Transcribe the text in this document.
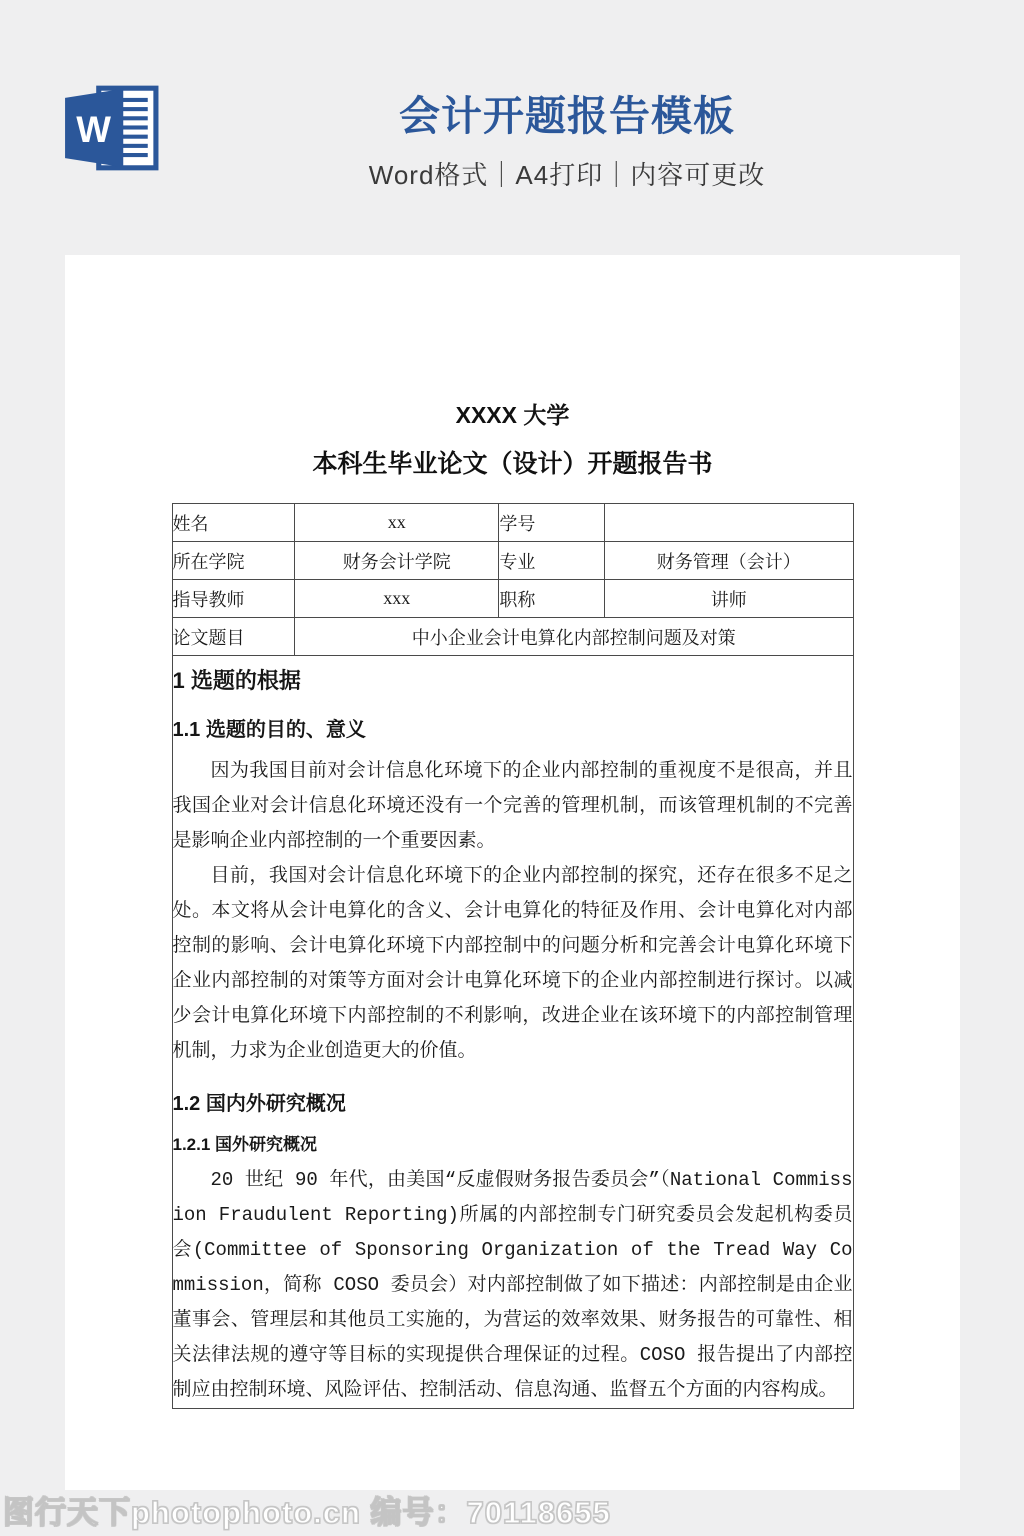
W	会计开题报告模板
Word格式｜A4打印｜内容可更改
XXXX 大学
本科生毕业论文（设计）开题报告书
姓名	xx	学号	
所在学院	财务会计学院	专业	财务管理（会计）
指导教师	xxx	职称	讲师
论文题目	中小企业会计电算化内部控制问题及对策		

1 选题的根据
1.1 选题的目的、意义

因为我国目前对会计信息化环境下的企业内部控制的重视度不是很高，并且我国企业对会计信息化环境还没有一个完善的管理机制，而该管理机制的不完善是影响企业内部控制的一个重要因素。

目前，我国对会计信息化环境下的企业内部控制的探究，还存在很多不足之处。本文将从会计电算化的含义、会计电算化的特征及作用、会计电算化对内部控制的影响、会计电算化环境下内部控制中的问题分析和完善会计电算化环境下企业内部控制的对策等方面对会计电算化环境下的企业内部控制进行探讨。以减少会计电算化环境下内部控制的不利影响，改进企业在该环境下的内部控制管理机制，力求为企业创造更大的价值。

1.2 国内外研究概况
1.2.1 国外研究概况

20 世纪 90 年代，由美国“反虚假财务报告委员会”（National Commission Fraudulent Reporting)所属的内部控制专门研究委员会发起机构委员会(Committee of Sponsoring Organization of the Tread Way Commission，简称 COSO 委员会）对内部控制做了如下描述：内部控制是由企业董事会、管理层和其他员工实施的，为营运的效率效果、财务报告的可靠性、相关法律法规的遵守等目标的实现提供合理保证的过程。COSO 报告提出了内部控制应由控制环境、风险评估、控制活动、信息沟通、监督五个方面的内容构成。

图行天下photophoto.cn 编号：70118655
